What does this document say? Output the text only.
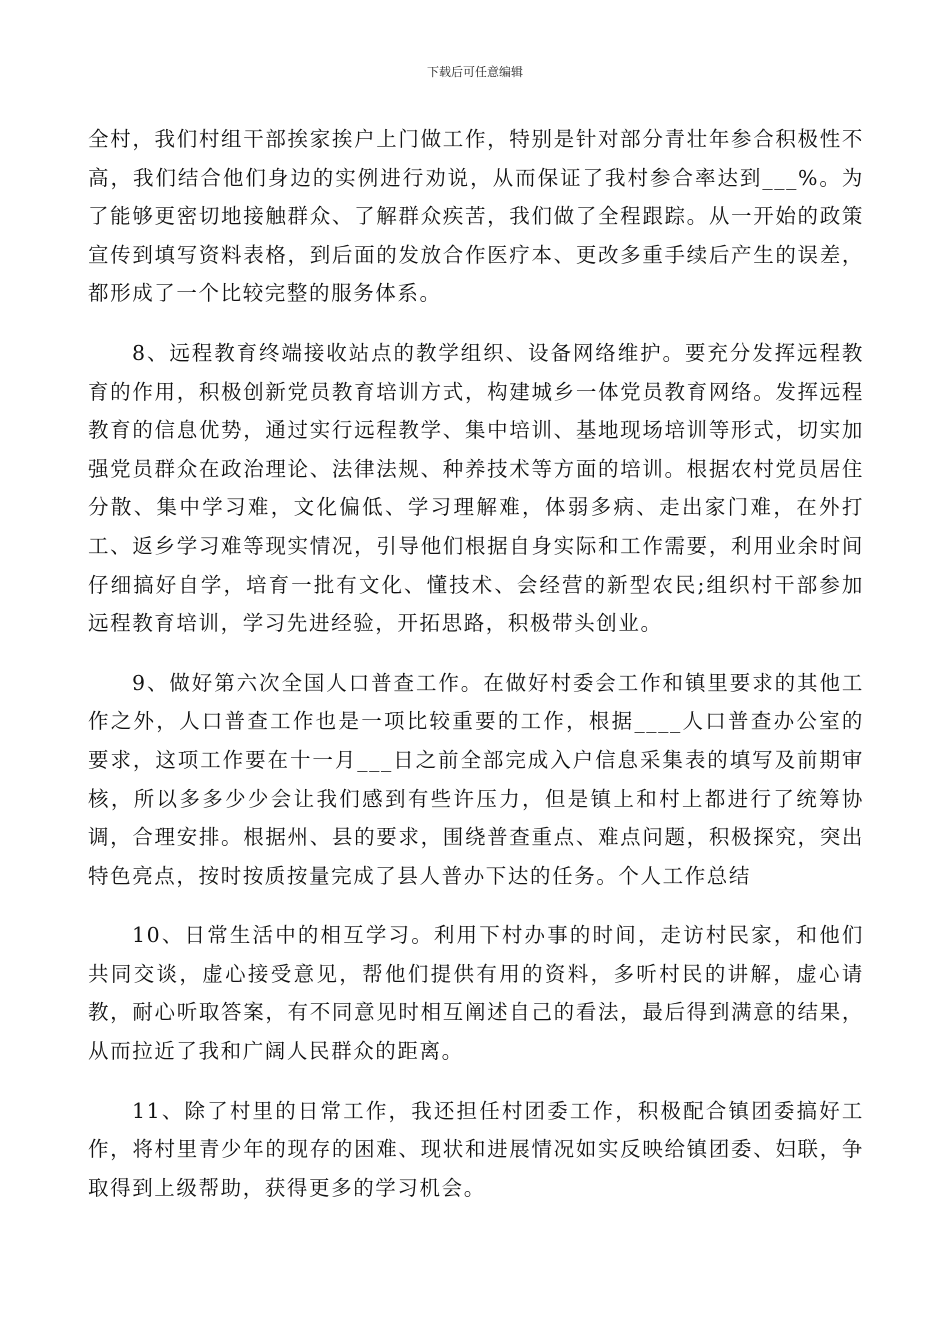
下载后可任意编辑

全村，我们村组干部挨家挨户上门做工作，特别是针对部分青壮年参合积极性不高，我们结合他们身边的实例进行劝说，从而保证了我村参合率达到___%。为了能够更密切地接触群众、了解群众疾苦，我们做了全程跟踪。从一开始的政策宣传到填写资料表格，到后面的发放合作医疗本、更改多重手续后产生的误差，都形成了一个比较完整的服务体系。

8、远程教育终端接收站点的教学组织、设备网络维护。要充分发挥远程教育的作用，积极创新党员教育培训方式，构建城乡一体党员教育网络。发挥远程教育的信息优势，通过实行远程教学、集中培训、基地现场培训等形式，切实加强党员群众在政治理论、法律法规、种养技术等方面的培训。根据农村党员居住分散、集中学习难，文化偏低、学习理解难，体弱多病、走出家门难，在外打工、返乡学习难等现实情况，引导他们根据自身实际和工作需要，利用业余时间仔细搞好自学，培育一批有文化、懂技术、会经营的新型农民;组织村干部参加远程教育培训，学习先进经验，开拓思路，积极带头创业。

9、做好第六次全国人口普查工作。在做好村委会工作和镇里要求的其他工作之外，人口普查工作也是一项比较重要的工作，根据____人口普查办公室的要求，这项工作要在十一月___日之前全部完成入户信息采集表的填写及前期审核，所以多多少少会让我们感到有些许压力，但是镇上和村上都进行了统筹协调，合理安排。根据州、县的要求，围绕普查重点、难点问题，积极探究，突出特色亮点，按时按质按量完成了县人普办下达的任务。个人工作总结

10、日常生活中的相互学习。利用下村办事的时间，走访村民家，和他们共同交谈，虚心接受意见，帮他们提供有用的资料，多听村民的讲解，虚心请教，耐心听取答案，有不同意见时相互阐述自己的看法，最后得到满意的结果，从而拉近了我和广阔人民群众的距离。

11、除了村里的日常工作，我还担任村团委工作，积极配合镇团委搞好工作，将村里青少年的现存的困难、现状和进展情况如实反映给镇团委、妇联，争取得到上级帮助，获得更多的学习机会。
